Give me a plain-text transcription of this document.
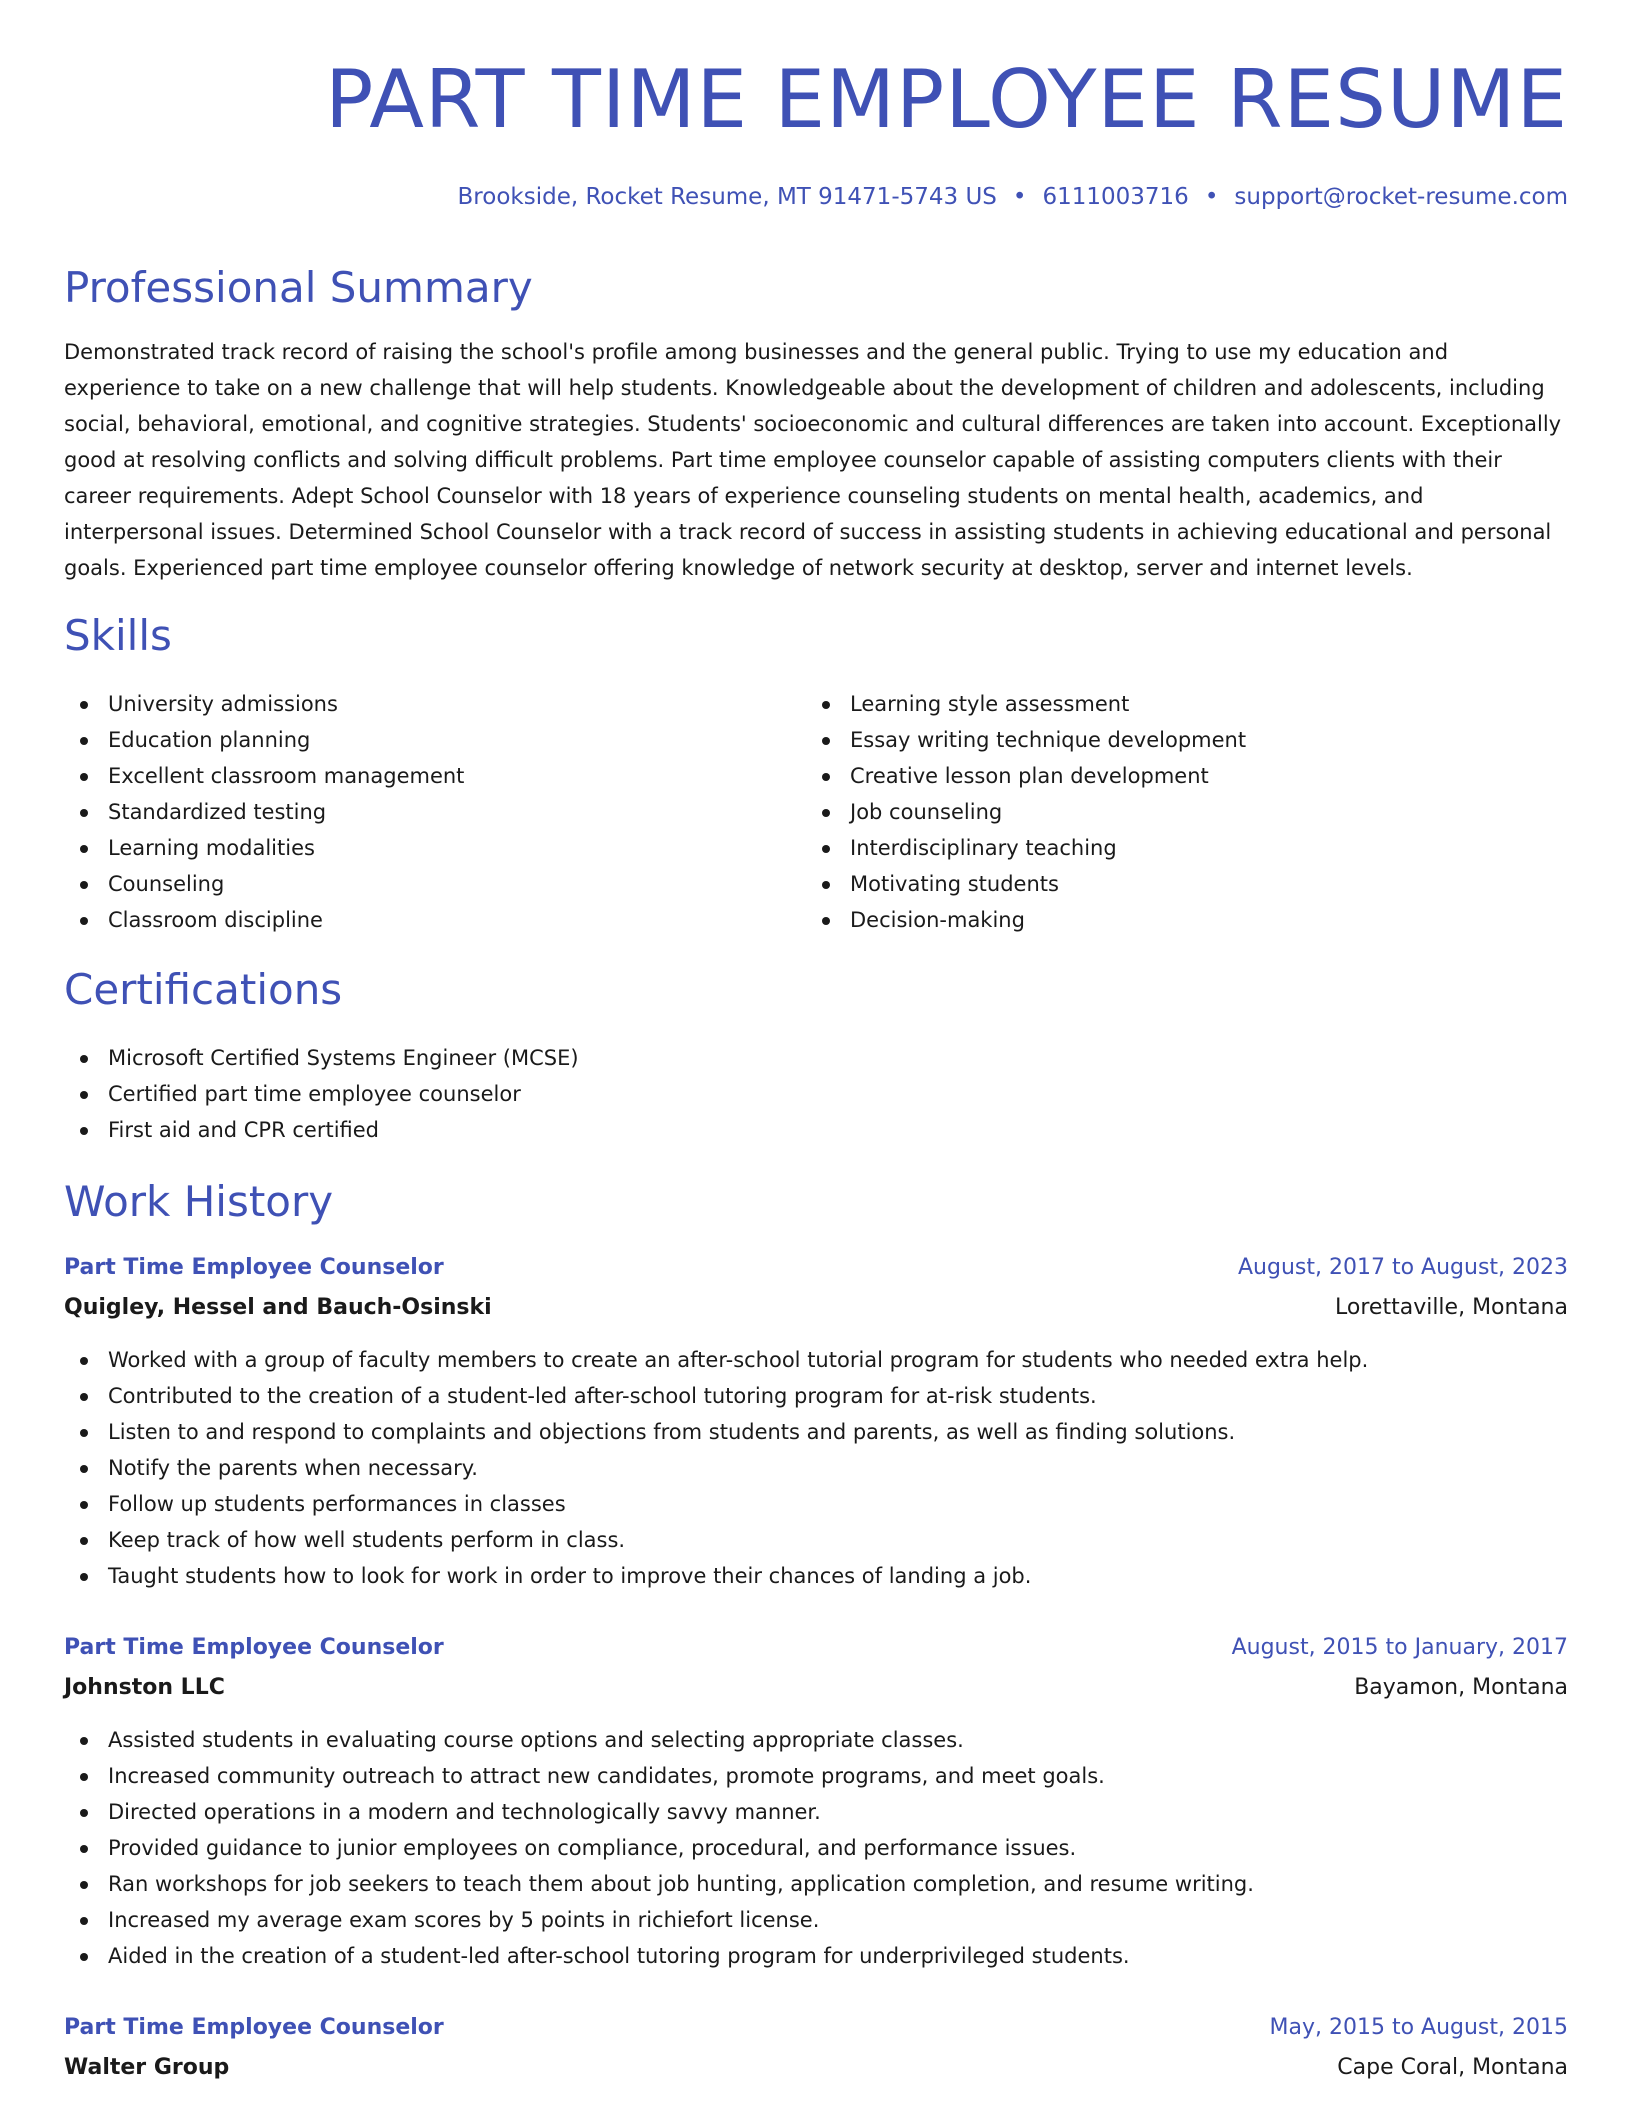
PART TIME EMPLOYEE RESUME
Brookside, Rocket Resume, MT 91471-5743 US • 6111003716 • support@rocket-resume.com
Professional Summary

Demonstrated track record of raising the school's profile among businesses and the general public. Trying to use my education and experience to take on a new challenge that will help students. Knowledgeable about the development of children and adolescents, including social, behavioral, emotional, and cognitive strategies. Students' socioeconomic and cultural differences are taken into account. Exceptionally good at resolving conflicts and solving difficult problems. Part time employee counselor capable of assisting computers clients with their career requirements. Adept School Counselor with 18 years of experience counseling students on mental health, academics, and interpersonal issues. Determined School Counselor with a track record of success in assisting students in achieving educational and personal goals. Experienced part time employee counselor offering knowledge of network security at desktop, server and internet levels.

Skills
University admissions
Education planning
Excellent classroom management
Standardized testing
Learning modalities
Counseling
Classroom discipline
Learning style assessment
Essay writing technique development
Creative lesson plan development
Job counseling
Interdisciplinary teaching
Motivating students
Decision-making
Certifications
Microsoft Certified Systems Engineer (MCSE)
Certified part time employee counselor
First aid and CPR certified
Work History
Part Time Employee Counselor	August, 2017 to August, 2023
Quigley, Hessel and Bauch-Osinski	Lorettaville, Montana
Worked with a group of faculty members to create an after-school tutorial program for students who needed extra help.
Contributed to the creation of a student-led after-school tutoring program for at-risk students.
Listen to and respond to complaints and objections from students and parents, as well as finding solutions.
Notify the parents when necessary.
Follow up students performances in classes
Keep track of how well students perform in class.
Taught students how to look for work in order to improve their chances of landing a job.
Part Time Employee Counselor	August, 2015 to January, 2017
Johnston LLC	Bayamon, Montana
Assisted students in evaluating course options and selecting appropriate classes.
Increased community outreach to attract new candidates, promote programs, and meet goals.
Directed operations in a modern and technologically savvy manner.
Provided guidance to junior employees on compliance, procedural, and performance issues.
Ran workshops for job seekers to teach them about job hunting, application completion, and resume writing.
Increased my average exam scores by 5 points in richiefort license.
Aided in the creation of a student-led after-school tutoring program for underprivileged students.
Part Time Employee Counselor	May, 2015 to August, 2015
Walter Group	Cape Coral, Montana
